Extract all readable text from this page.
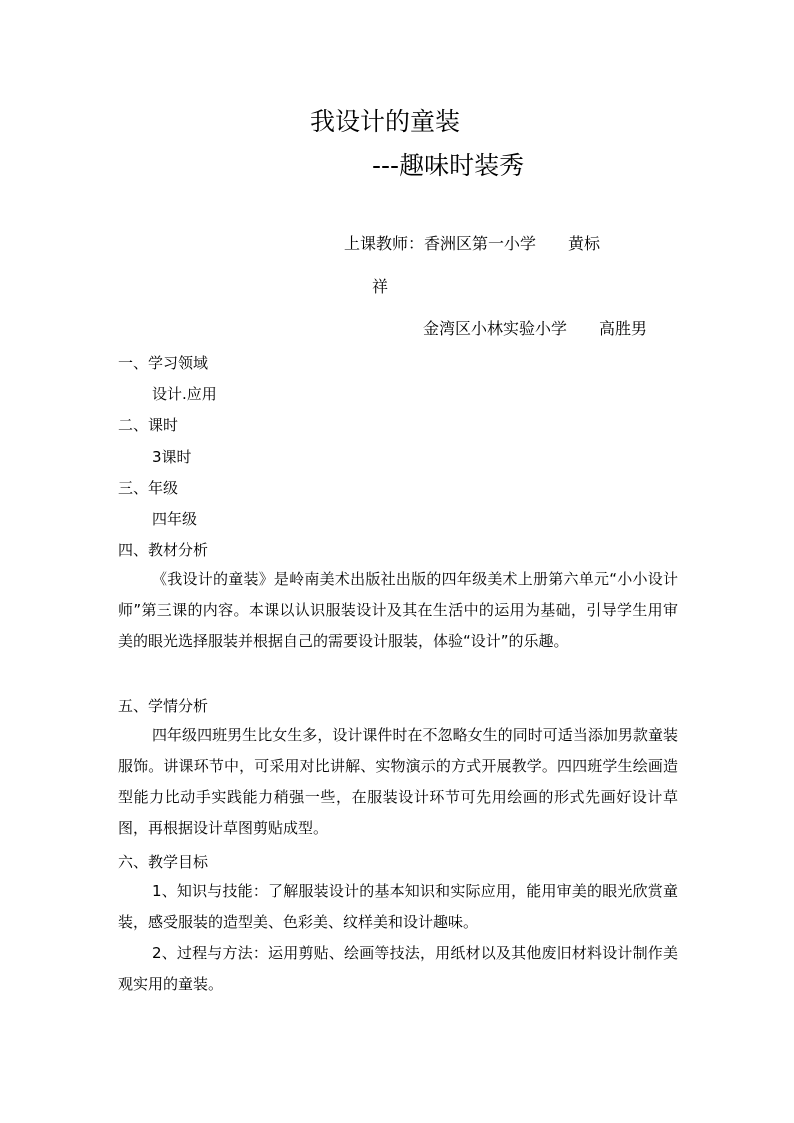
我设计的童装
---趣味时装秀
上课教师：香洲区第一小学　　黄标
祥
金湾区小林实验小学　　高胜男
一、学习领域
设计.应用
二、课时
3课时
三、年级
四年级
四、教材分析
《我设计的童装》是岭南美术出版社出版的四年级美术上册第六单元“小小设计师”第三课的内容。本课以认识服装设计及其在生活中的运用为基础，引导学生用审美的眼光选择服装并根据自己的需要设计服装，体验“设计”的乐趣。
五、学情分析
四年级四班男生比女生多，设计课件时在不忽略女生的同时可适当添加男款童装服饰。讲课环节中，可采用对比讲解、实物演示的方式开展教学。四四班学生绘画造型能力比动手实践能力稍强一些，在服装设计环节可先用绘画的形式先画好设计草图，再根据设计草图剪贴成型。
六、教学目标
1、知识与技能：了解服装设计的基本知识和实际应用，能用审美的眼光欣赏童装，感受服装的造型美、色彩美、纹样美和设计趣味。
2、过程与方法：运用剪贴、绘画等技法，用纸材以及其他废旧材料设计制作美观实用的童装。
